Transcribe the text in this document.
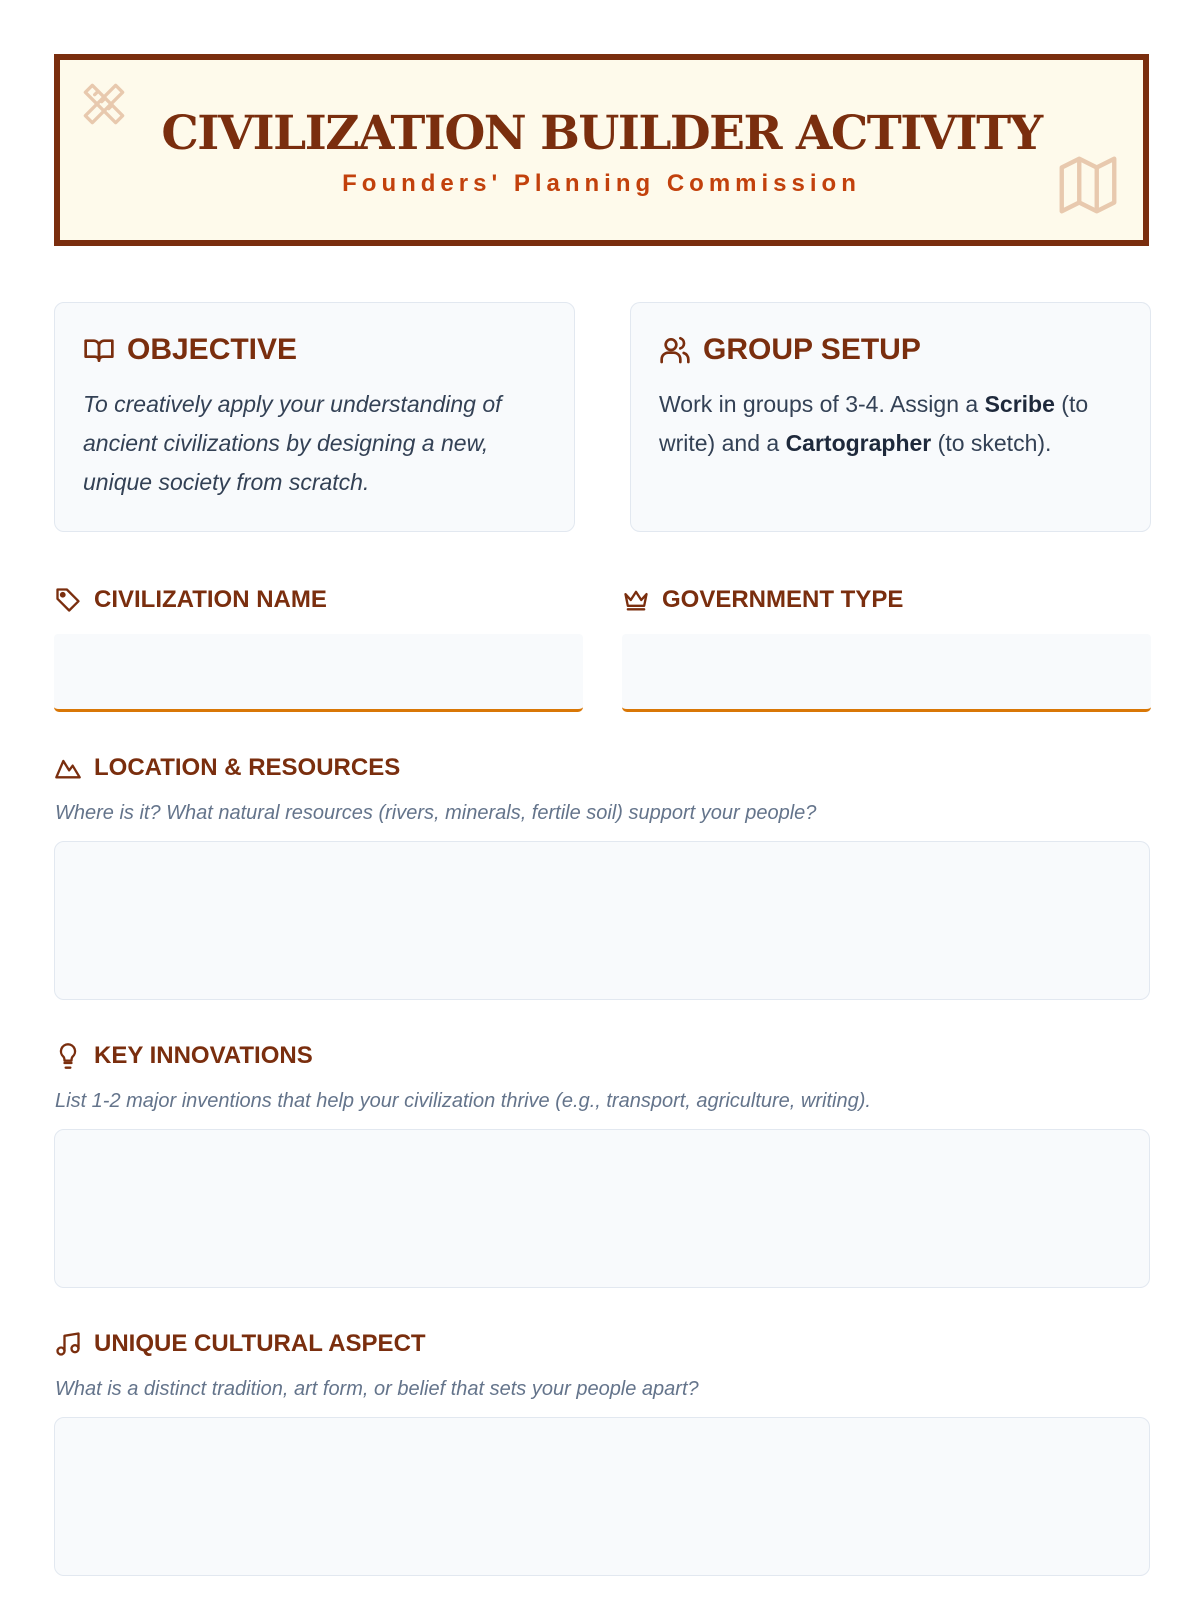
CIVILIZATION BUILDER ACTIVITY
Founders' Planning Commission
OBJECTIVE
To creatively apply your understanding of ancient civilizations by designing a new, unique society from scratch.
GROUP SETUP
Work in groups of 3-4. Assign a Scribe (to write) and a Cartographer (to sketch).
CIVILIZATION NAME	GOVERNMENT TYPE
LOCATION & RESOURCES
Where is it? What natural resources (rivers, minerals, fertile soil) support your people?
KEY INNOVATIONS
List 1-2 major inventions that help your civilization thrive (e.g., transport, agriculture, writing).
UNIQUE CULTURAL ASPECT
What is a distinct tradition, art form, or belief that sets your people apart?
